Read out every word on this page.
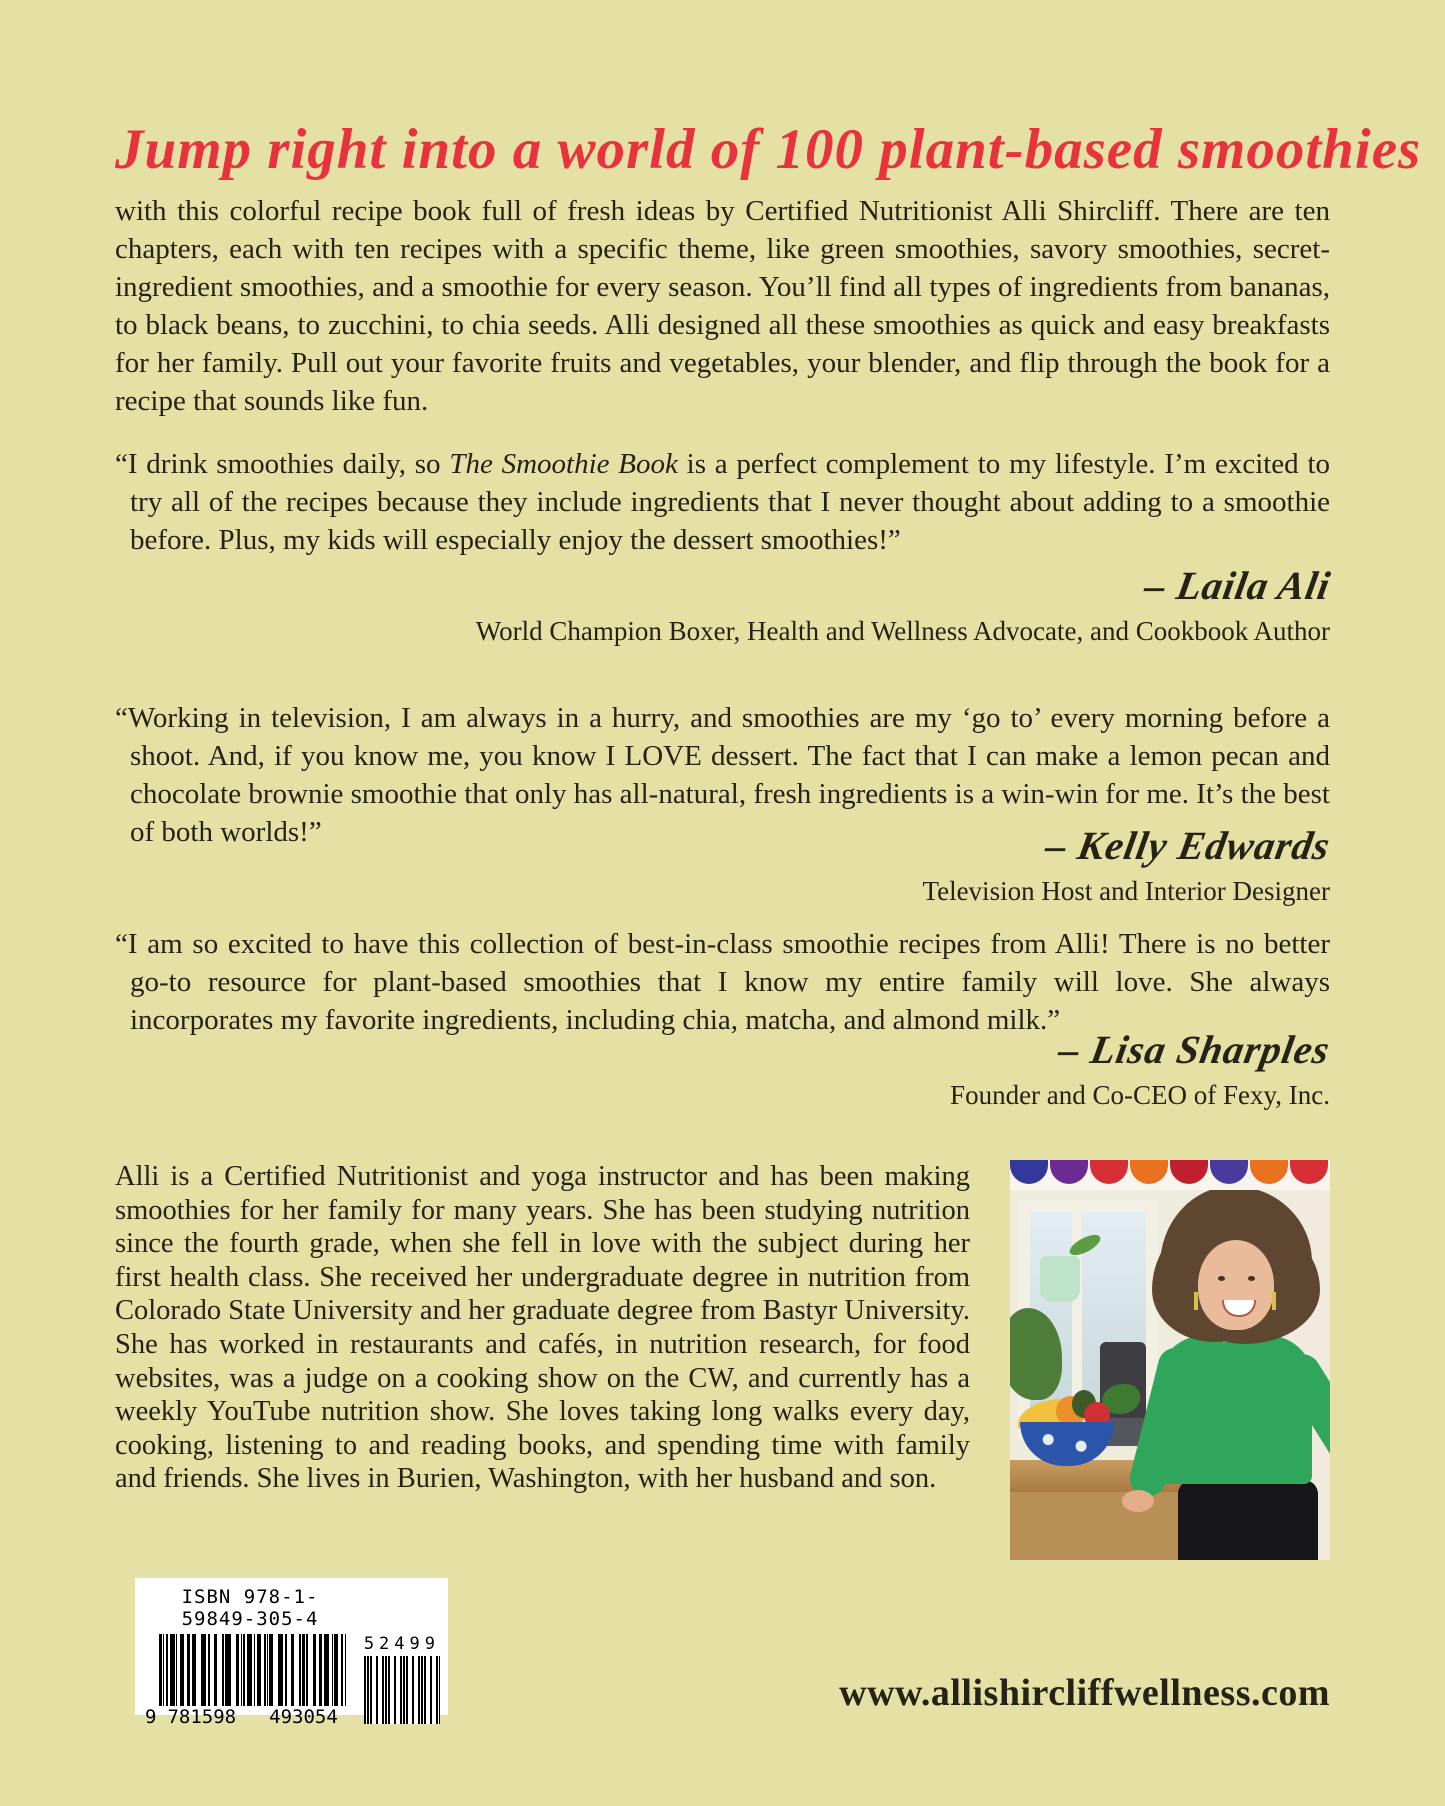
Jump right into a world of 100 plant-based smoothies

with this colorful recipe book full of fresh ideas by Certified Nutritionist Alli Shircliff. There are ten chapters, each with ten recipes with a specific theme, like green smoothies, savory smoothies, secret-ingredient smoothies, and a smoothie for every season. You’ll find all types of ingredients from bananas, to black beans, to zucchini, to chia seeds. Alli designed all these smoothies as quick and easy breakfasts for her family. Pull out your favorite fruits and vegetables, your blender, and flip through the book for a recipe that sounds like fun.

“I drink smoothies daily, so The Smoothie Book is a perfect complement to my lifestyle. I’m excited to try all of the recipes because they include ingredients that I never thought about adding to a smoothie before. Plus, my kids will especially enjoy the dessert smoothies!”

– Laila Ali
World Champion Boxer, Health and Wellness Advocate, and Cookbook Author

“Working in television, I am always in a hurry, and smoothies are my ‘go to’ every morning before a shoot. And, if you know me, you know I LOVE dessert. The fact that I can make a lemon pecan and chocolate brownie smoothie that only has all-natural, fresh ingredients is a win-win for me. It’s the best of both worlds!”	– Kelly Edwards
Television Host and Interior Designer

“I am so excited to have this collection of best-in-class smoothie recipes from Alli! There is no better go-to resource for plant-based smoothies that I know my entire family will love. She always incorporates my favorite ingredients, including chia, matcha, and almond milk.”

– Lisa Sharples
Founder and Co-CEO of Fexy, Inc.

Alli is a Certified Nutritionist and yoga instructor and has been making smoothies for her family for many years. She has been studying nutrition since the fourth grade, when she fell in love with the subject during her first health class. She received her undergraduate degree in nutrition from Colorado State University and her graduate degree from Bastyr University. She has worked in restaurants and cafés, in nutrition research, for food websites, was a judge on a cooking show on the CW, and currently has a weekly YouTube nutrition show. She loves taking long walks every day, cooking, listening to and reading books, and spending time with family and friends. She lives in Burien, Washington, with her husband and son.

ISBN 978-1-59849-305-4
9 781598 493054
52499
www.allishircliffwellness.com
